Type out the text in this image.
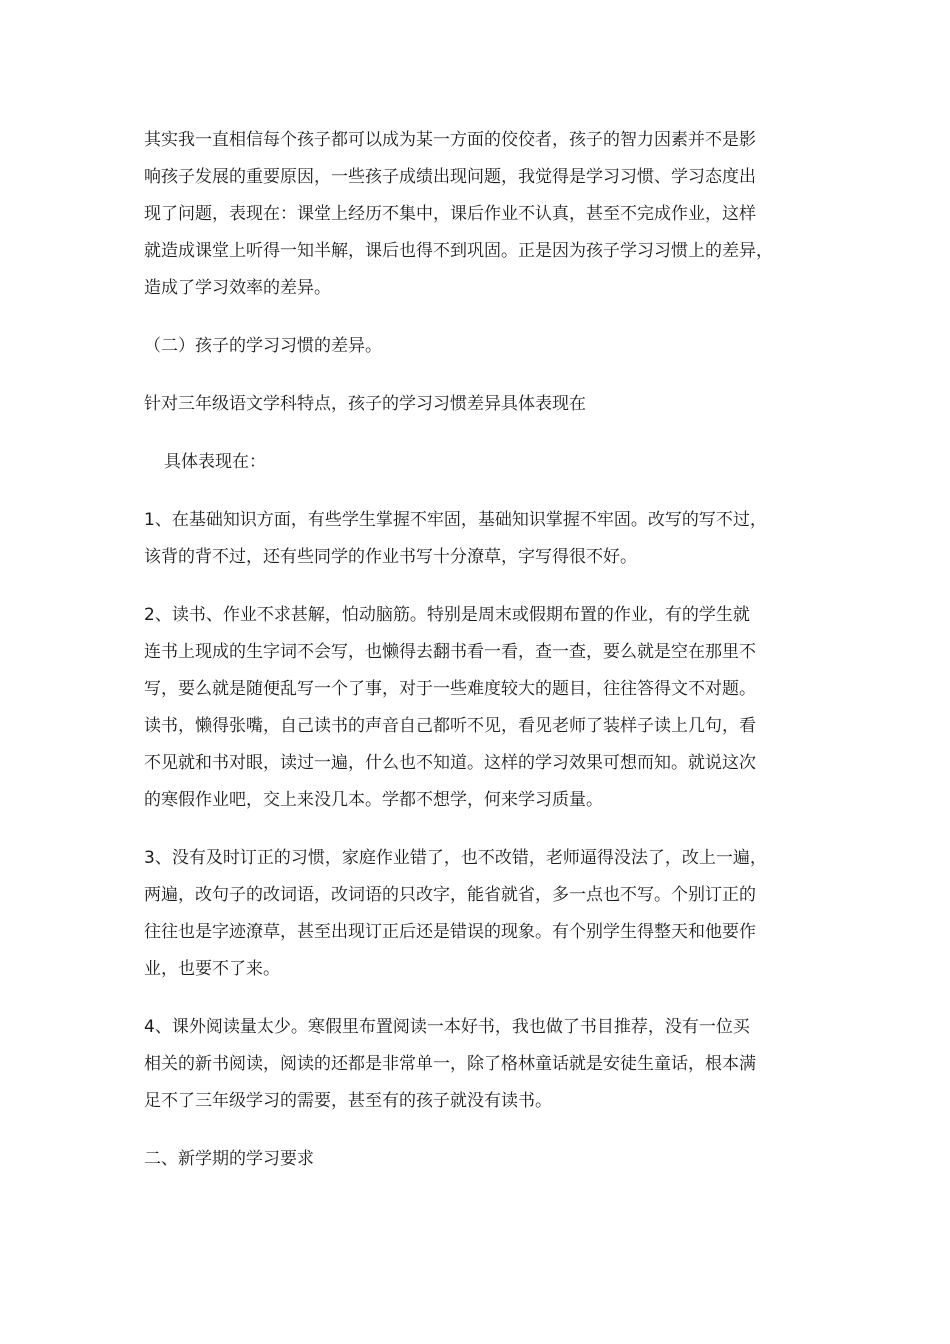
其实我一直相信每个孩子都可以成为某一方面的佼佼者，孩子的智力因素并不是影
响孩子发展的重要原因，一些孩子成绩出现问题，我觉得是学习习惯、学习态度出
现了问题，表现在：课堂上经历不集中，课后作业不认真，甚至不完成作业，这样
就造成课堂上听得一知半解，课后也得不到巩固。正是因为孩子学习习惯上的差异，
造成了学习效率的差异。
（二）孩子的学习习惯的差异。
针对三年级语文学科特点，孩子的学习习惯差异具体表现在
具体表现在：
1、在基础知识方面，有些学生掌握不牢固，基础知识掌握不牢固。改写的写不过，
该背的背不过，还有些同学的作业书写十分潦草，字写得很不好。
2、读书、作业不求甚解，怕动脑筋。特别是周末或假期布置的作业，有的学生就
连书上现成的生字词不会写，也懒得去翻书看一看，查一查，要么就是空在那里不
写，要么就是随便乱写一个了事，对于一些难度较大的题目，往往答得文不对题。
读书，懒得张嘴，自己读书的声音自己都听不见，看见老师了装样子读上几句，看
不见就和书对眼，读过一遍，什么也不知道。这样的学习效果可想而知。就说这次
的寒假作业吧，交上来没几本。学都不想学，何来学习质量。
3、没有及时订正的习惯，家庭作业错了，也不改错，老师逼得没法了，改上一遍，
两遍，改句子的改词语，改词语的只改字，能省就省，多一点也不写。个别订正的
往往也是字迹潦草，甚至出现订正后还是错误的现象。有个别学生得整天和他要作
业，也要不了来。
4、课外阅读量太少。寒假里布置阅读一本好书，我也做了书目推荐，没有一位买
相关的新书阅读，阅读的还都是非常单一，除了格林童话就是安徒生童话，根本满
足不了三年级学习的需要，甚至有的孩子就没有读书。
二、新学期的学习要求
